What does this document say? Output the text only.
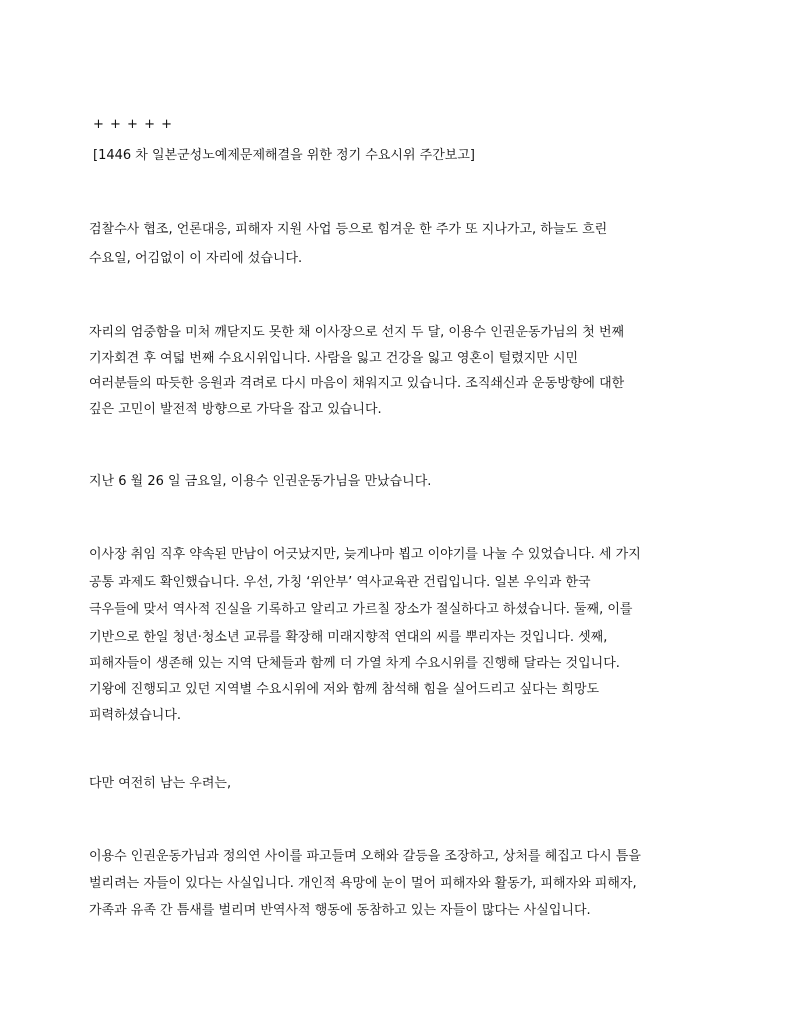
+ + + + +
[1446 차 일본군성노예제문제해결을 위한 정기 수요시위 주간보고]
검찰수사 협조, 언론대응, 피해자 지원 사업 등으로 힘겨운 한 주가 또 지나가고, 하늘도 흐린
수요일, 어김없이 이 자리에 섰습니다.
자리의 엄중함을 미처 깨닫지도 못한 채 이사장으로 선지 두 달, 이용수 인권운동가님의 첫 번째
기자회견 후 여덟 번째 수요시위입니다. 사람을 잃고 건강을 잃고 영혼이 털렸지만 시민
여러분들의 따듯한 응원과 격려로 다시 마음이 채워지고 있습니다. 조직쇄신과 운동방향에 대한
깊은 고민이 발전적 방향으로 가닥을 잡고 있습니다.
지난 6 월 26 일 금요일, 이용수 인권운동가님을 만났습니다.
이사장 취임 직후 약속된 만남이 어긋났지만, 늦게나마 뵙고 이야기를 나눌 수 있었습니다. 세 가지
공통 과제도 확인했습니다. 우선, 가칭 ‘위안부’ 역사교육관 건립입니다. 일본 우익과 한국
극우들에 맞서 역사적 진실을 기록하고 알리고 가르칠 장소가 절실하다고 하셨습니다. 둘째, 이를
기반으로 한일 청년·청소년 교류를 확장해 미래지향적 연대의 씨를 뿌리자는 것입니다. 셋째,
피해자들이 생존해 있는 지역 단체들과 함께 더 가열 차게 수요시위를 진행해 달라는 것입니다.
기왕에 진행되고 있던 지역별 수요시위에 저와 함께 참석해 힘을 실어드리고 싶다는 희망도
피력하셨습니다.
다만 여전히 남는 우려는,
이용수 인권운동가님과 정의연 사이를 파고들며 오해와 갈등을 조장하고, 상처를 헤집고 다시 틈을
벌리려는 자들이 있다는 사실입니다. 개인적 욕망에 눈이 멀어 피해자와 활동가, 피해자와 피해자,
가족과 유족 간 틈새를 벌리며 반역사적 행동에 동참하고 있는 자들이 많다는 사실입니다.
